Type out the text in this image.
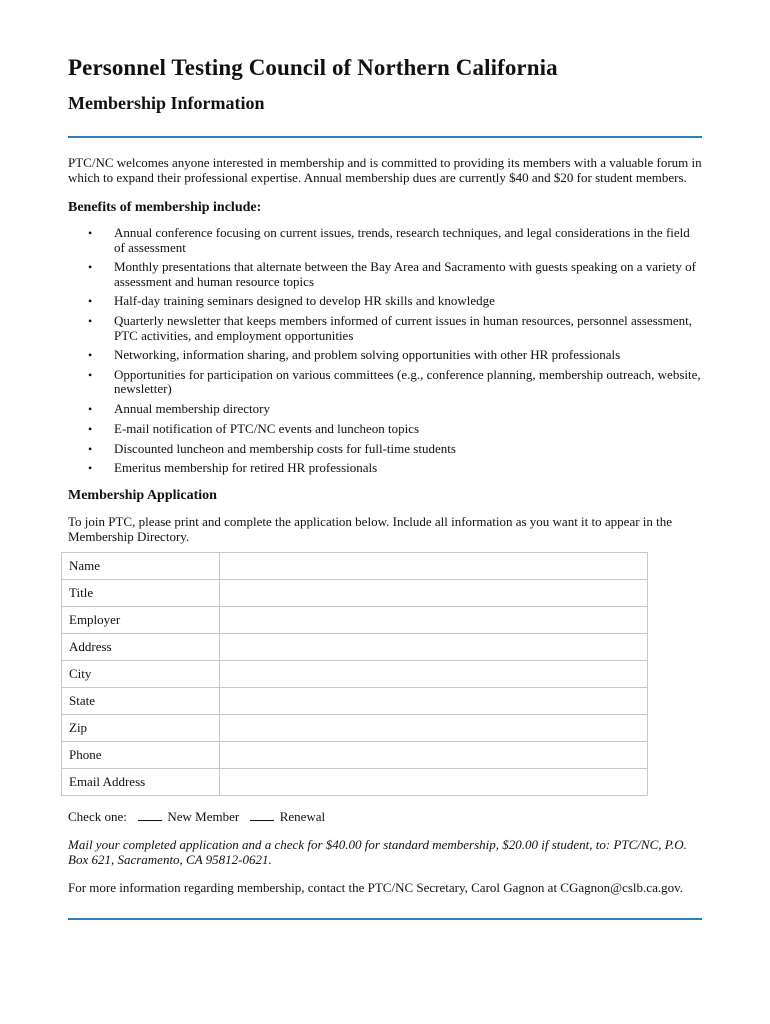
Personnel Testing Council of Northern California
Membership Information

PTC/NC welcomes anyone interested in membership and is committed to providing its members with a valuable forum in which to expand their professional expertise. Annual membership dues are currently $40 and $20 for student members.

Benefits of membership include:
• Annual conference focusing on current issues, trends, research techniques, and legal considerations in the field of assessment
• Monthly presentations that alternate between the Bay Area and Sacramento with guests speaking on a variety of assessment and human resource topics
• Half-day training seminars designed to develop HR skills and knowledge
• Quarterly newsletter that keeps members informed of current issues in human resources, personnel assessment, PTC activities, and employment opportunities
• Networking, information sharing, and problem solving opportunities with other HR professionals
• Opportunities for participation on various committees (e.g., conference planning, membership outreach, website, newsletter)
• Annual membership directory
• E-mail notification of PTC/NC events and luncheon topics
• Discounted luncheon and membership costs for full-time students
• Emeritus membership for retired HR professionals
Membership Application

To join PTC, please print and complete the application below. Include all information as you want it to appear in the Membership Directory.

Name	
Title	
Employer	
Address	
City	
State	
Zip	
Phone	
Email Address	

Check one:	New Member	Renewal

Mail your completed application and a check for $40.00 for standard membership, $20.00 if student, to: PTC/NC, P.O. Box 621, Sacramento, CA 95812-0621.

For more information regarding membership, contact the PTC/NC Secretary, Carol Gagnon at CGagnon@cslb.ca.gov.
